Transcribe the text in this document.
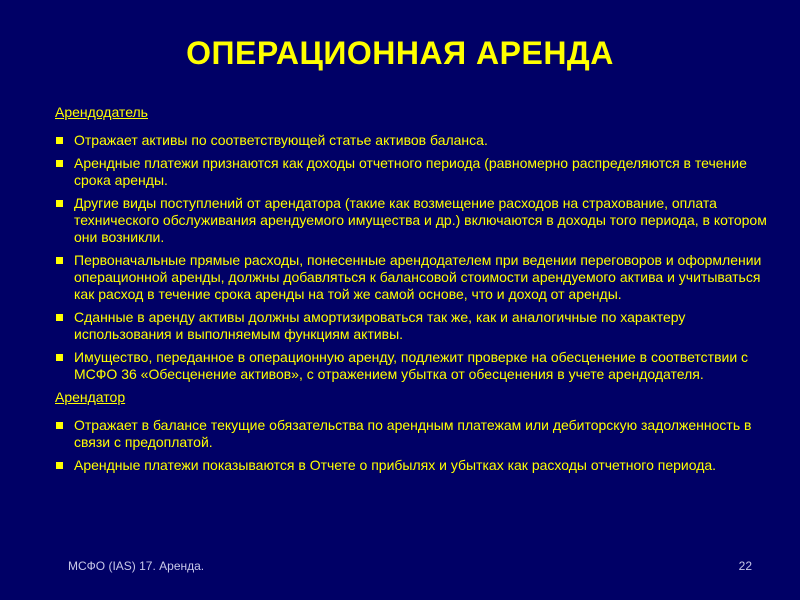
ОПЕРАЦИОННАЯ АРЕНДА
Арендодатель
Отражает активы по соответствующей статье активов баланса.
Арендные платежи признаются как доходы отчетного периода (равномерно распределяются в течение срока аренды.
Другие виды поступлений от арендатора (такие как возмещение расходов на страхование, оплата технического обслуживания арендуемого имущества и др.) включаются в доходы того периода, в котором они возникли.
Первоначальные прямые расходы, понесенные арендодателем при ведении переговоров и оформлении операционной аренды, должны добавляться к балансовой стоимости арендуемого актива и учитываться как расход в течение срока аренды на той же самой основе, что и доход от аренды.
Сданные в аренду активы должны амортизироваться так же, как и аналогичные по характеру использования и выполняемым функциям активы.
Имущество, переданное в операционную аренду, подлежит проверке на обесценение в соответствии с МСФО 36 «Обесценение активов», с отражением убытка от обесценения в учете арендодателя.
Арендатор
Отражает в балансе текущие обязательства по арендным платежам или дебиторскую задолженность в связи с предоплатой.
Арендные платежи показываются в Отчете о прибылях и убытках как расходы отчетного периода.
МСФО (IAS) 17. Аренда.	22
